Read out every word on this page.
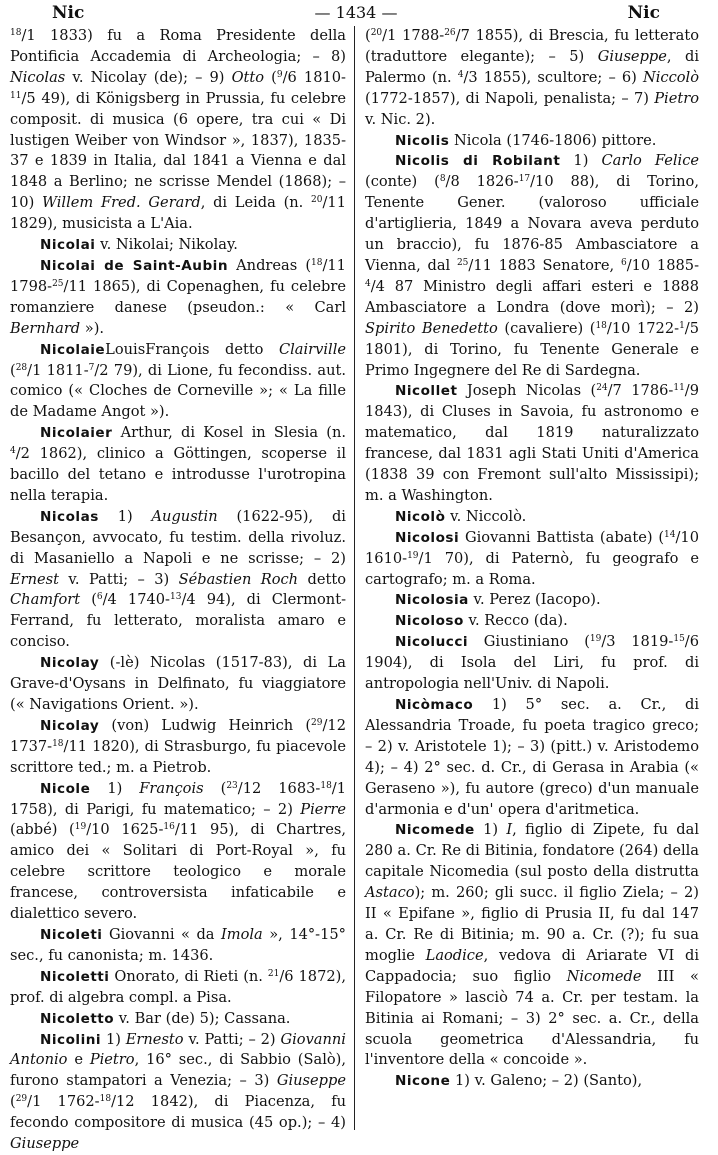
Nic	— 1434 —	Nic

$^{18}$/1 1833) fu a Roma Presidente della Pontificia Accademia di Archeologia; – 8) Nicolas v. Nicolay (de); – 9) Otto ($^9$/6 1810-$^{11}$/5 49), di Königsberg in Prussia, fu celebre composit. di musica (6 opere, tra cui « Di lustigen Weiber von Windsor », 1837), 1835-37 e 1839 in Italia, dal 1841 a Vienna e dal 1848 a Berlino; ne scrisse Mendel (1868); – 10) Willem Fred. Gerard, di Leida (n. $^{20}$/11 1829), musicista a L'Aia.

Nicolai v. Nikolai; Nikolay.

Nicolai de Saint-Aubin Andreas ($^{18}$/11 1798-$^{25}$/11 1865), di Copenaghen, fu celebre romanziere danese (pseudon.: « Carl Bernhard »).

NicolaieLouisFrançois detto Clairville ($^{28}$/1 1811-$^7$/2 79), di Lione, fu fecondiss. aut. comico (« Cloches de Corneville »; « La fille de Madame Angot »).

Nicolaier Arthur, di Kosel in Slesia (n. $^4$/2 1862), clinico a Göttingen, scoperse il bacillo del tetano e introdusse l'urotropina nella terapia.

Nicolas 1) Augustin (1622-95), di Besançon, avvocato, fu testim. della rivoluz. di Masaniello a Napoli e ne scrisse; – 2) Ernest v. Patti; – 3) Sébastien Roch detto Chamfort ($^6$/4 1740-$^{13}$/4 94), di Clermont-Ferrand, fu letterato, moralista amaro e conciso.

Nicolay (-lè) Nicolas (1517-83), di La Grave-d'Oysans in Delfinato, fu viaggiatore (« Navigations Orient. »).

Nicolay (von) Ludwig Heinrich ($^{29}$/12 1737-$^{18}$/11 1820), di Strasburgo, fu piacevole scrittore ted.; m. a Pietrob.

Nicole 1) François ($^{23}$/12 1683-$^{18}$/1 1758), di Parigi, fu matematico; – 2) Pierre (abbé) ($^{19}$/10 1625-$^{16}$/11 95), di Chartres, amico dei « Solitari di Port-Royal », fu celebre scrittore teologico e morale francese, controversista infaticabile e dialettico severo.

Nicoleti Giovanni « da Imola », 14°-15° sec., fu canonista; m. 1436.

Nicoletti Onorato, di Rieti (n. $^{21}$/6 1872), prof. di algebra compl. a Pisa.

Nicoletto v. Bar (de) 5); Cassana.

Nicolini 1) Ernesto v. Patti; – 2) Giovanni Antonio e Pietro, 16° sec., di Sabbio (Salò), furono stampatori a Venezia; – 3) Giuseppe ($^{29}$/1 1762-$^{18}$/12 1842), di Piacenza, fu fecondo compositore di musica (45 op.); – 4) Giuseppe

($^{20}$/1 1788-$^{26}$/7 1855), di Brescia, fu letterato (traduttore elegante); – 5) Giuseppe, di Palermo (n. $^4$/3 1855), scultore; – 6) Niccolò (1772-1857), di Napoli, penalista; – 7) Pietro v. Nic. 2).

Nicolis Nicola (1746-1806) pittore.

Nicolis di Robilant 1) Carlo Felice (conte) ($^8$/8 1826-$^{17}$/10 88), di Torino, Tenente Gener. (valoroso ufficiale d'artiglieria, 1849 a Novara aveva perduto un braccio), fu 1876-85 Ambasciatore a Vienna, dal $^{25}$/11 1883 Senatore, $^6$/10 1885-$^4$/4 87 Ministro degli affari esteri e 1888 Ambasciatore a Londra (dove morì); – 2) Spirito Benedetto (cavaliere) ($^{18}$/10 1722-$^1$/5 1801), di Torino, fu Tenente Generale e Primo Ingegnere del Re di Sardegna.

Nicollet Joseph Nicolas ($^{24}$/7 1786-$^{11}$/9 1843), di Cluses in Savoia, fu astronomo e matematico, dal 1819 naturalizzato francese, dal 1831 agli Stati Uniti d'America (1838 39 con Fremont sull'alto Mississipi); m. a Washington.

Nicolò v. Niccolò.

Nicolosi Giovanni Battista (abate) ($^{14}$/10 1610-$^{19}$/1 70), di Paternò, fu geografo e cartografo; m. a Roma.

Nicolosia v. Perez (Iacopo).

Nicoloso v. Recco (da).

Nicolucci Giustiniano ($^{19}$/3 1819-$^{15}$/6 1904), di Isola del Liri, fu prof. di antropologia nell'Univ. di Napoli.

Nicòmaco 1) 5° sec. a. Cr., di Alessandria Troade, fu poeta tragico greco; – 2) v. Aristotele 1); – 3) (pitt.) v. Aristodemo 4); – 4) 2° sec. d. Cr., di Gerasa in Arabia (« Geraseno »), fu autore (greco) d'un manuale d'armonia e d'un' opera d'aritmetica.

Nicomede 1) I, figlio di Zipete, fu dal 280 a. Cr. Re di Bitinia, fondatore (264) della capitale Nicomedia (sul posto della distrutta Astaco); m. 260; gli succ. il figlio Ziela; – 2) II « Epifane », figlio di Prusia II, fu dal 147 a. Cr. Re di Bitinia; m. 90 a. Cr. (?); fu sua moglie Laodice, vedova di Ariarate VI di Cappadocia; suo figlio Nicomede III « Filopatore » lasciò 74 a. Cr. per testam. la Bitinia ai Romani; – 3) 2° sec. a. Cr., della scuola geometrica d'Alessandria, fu l'inventore della « concoide ».

Nicone 1) v. Galeno; – 2) (Santo),
